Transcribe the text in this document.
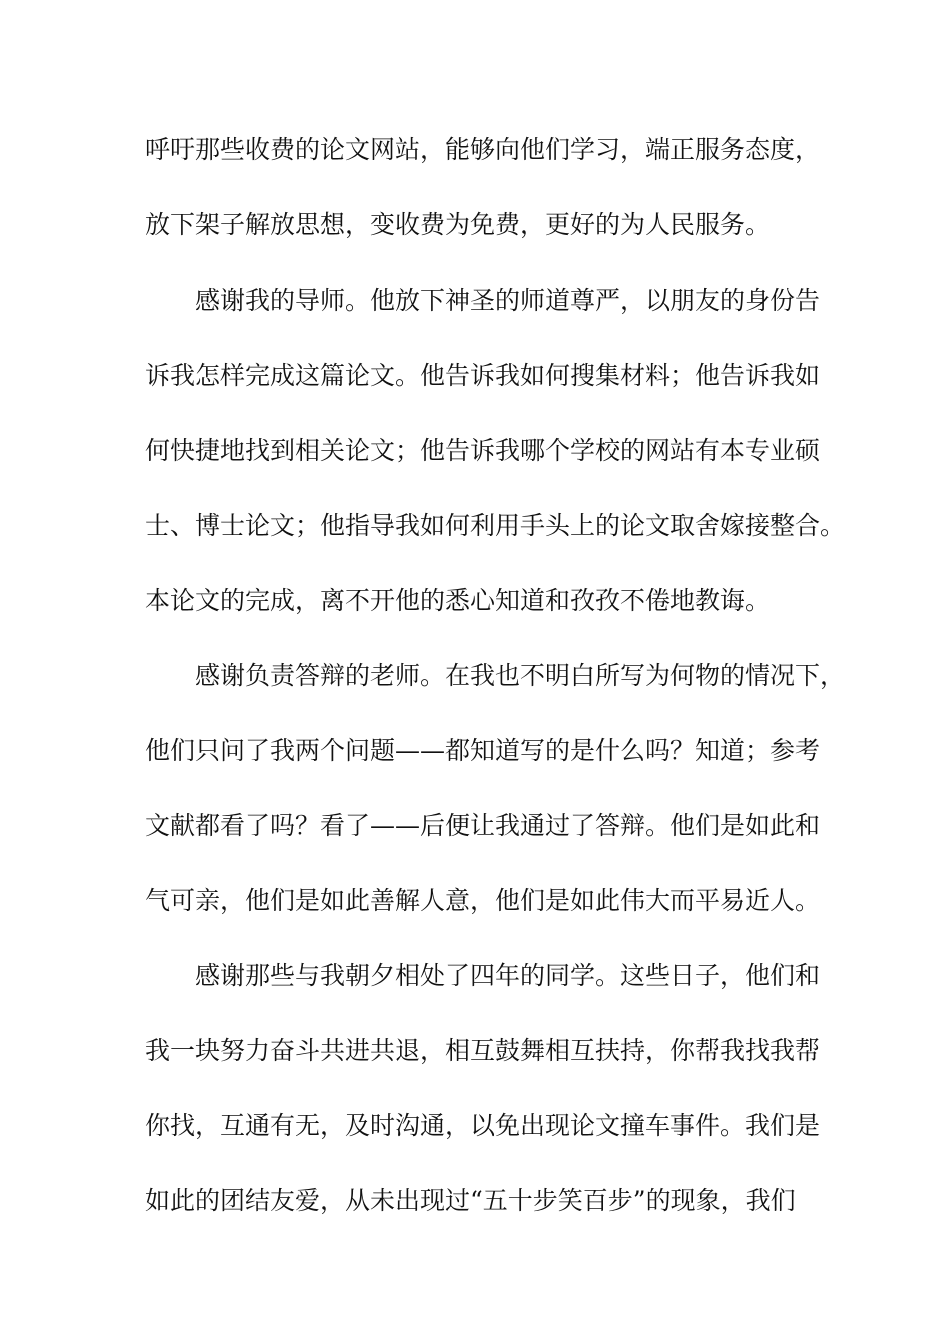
呼吁那些收费的论文网站，能够向他们学习，端正服务态度，
放下架子解放思想，变收费为免费，更好的为人民服务。
感谢我的导师。他放下神圣的师道尊严，以朋友的身份告
诉我怎样完成这篇论文。他告诉我如何搜集材料；他告诉我如
何快捷地找到相关论文；他告诉我哪个学校的网站有本专业硕
士、博士论文；他指导我如何利用手头上的论文取舍嫁接整合。
本论文的完成，离不开他的悉心知道和孜孜不倦地教诲。
感谢负责答辩的老师。在我也不明白所写为何物的情况下，
他们只问了我两个问题——都知道写的是什么吗？知道；参考
文献都看了吗？看了——后便让我通过了答辩。他们是如此和
气可亲，他们是如此善解人意，他们是如此伟大而平易近人。
感谢那些与我朝夕相处了四年的同学。这些日子，他们和
我一块努力奋斗共进共退，相互鼓舞相互扶持，你帮我找我帮
你找，互通有无，及时沟通，以免出现论文撞车事件。我们是
如此的团结友爱，从未出现过“五十步笑百步”的现象，我们
